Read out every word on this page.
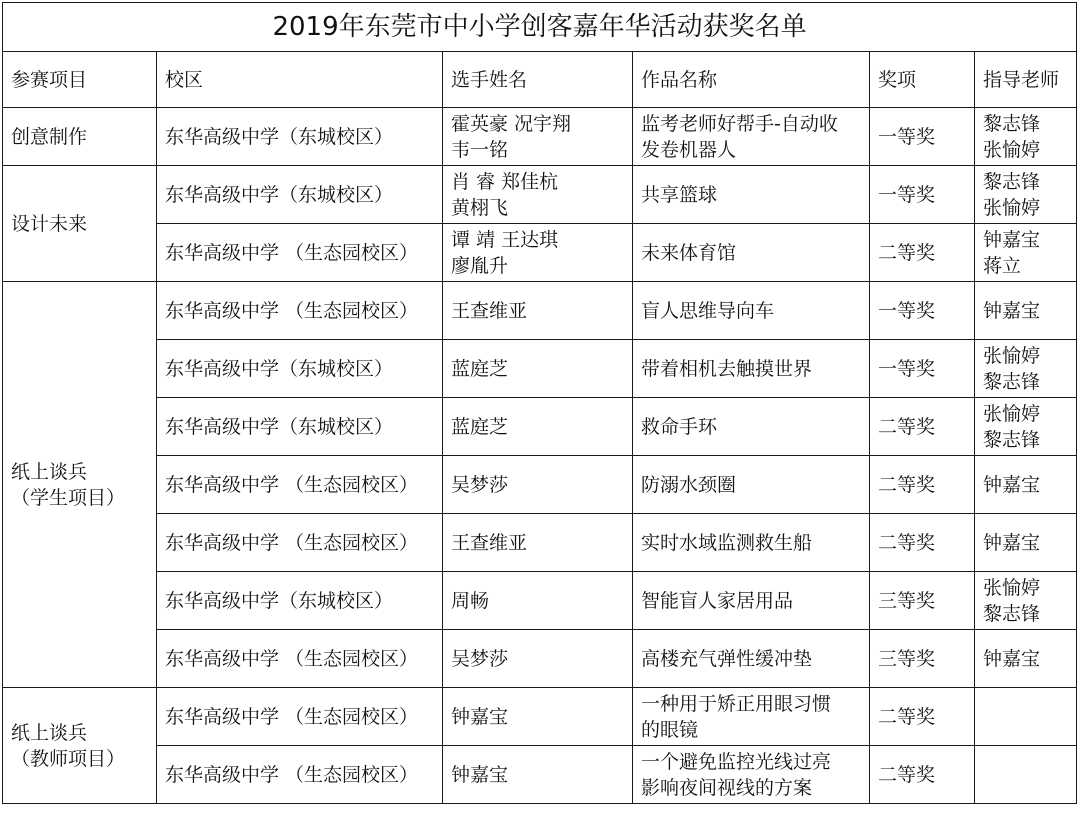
2019年东莞市中小学创客嘉年华活动获奖名单					
参赛项目	校区	选手姓名	作品名称	奖项	指导老师

创意制作	东华高级中学（东城校区）	霍英豪 况宇翔
韦一铭	监考老师好帮手-自动收
发卷机器人	一等奖	黎志锋
张愉婷

设计未来	东华高级中学（东城校区）	肖 睿 郑佳杭
黄栩飞	共享篮球	一等奖	黎志锋
张愉婷

	东华高级中学 （生态园校区）	谭 靖 王达琪
廖胤升	未来体育馆	二等奖	钟嘉宝
蒋立

纸上谈兵
（学生项目）	东华高级中学 （生态园校区）	王查维亚	盲人思维导向车	一等奖	钟嘉宝

	东华高级中学（东城校区）	蓝庭芝	带着相机去触摸世界	一等奖	张愉婷
黎志锋

	东华高级中学（东城校区）	蓝庭芝	救命手环	二等奖	张愉婷
黎志锋

	东华高级中学 （生态园校区）	吴梦莎	防溺水颈圈	二等奖	钟嘉宝

	东华高级中学 （生态园校区）	王查维亚	实时水域监测救生船	二等奖	钟嘉宝

	东华高级中学（东城校区）	周畅	智能盲人家居用品	三等奖	张愉婷
黎志锋

	东华高级中学 （生态园校区）	吴梦莎	高楼充气弹性缓冲垫	三等奖	钟嘉宝

纸上谈兵
（教师项目）	东华高级中学 （生态园校区）	钟嘉宝	一种用于矫正用眼习惯
的眼镜	二等奖	

	东华高级中学 （生态园校区）	钟嘉宝	一个避免监控光线过亮
影响夜间视线的方案	二等奖	
